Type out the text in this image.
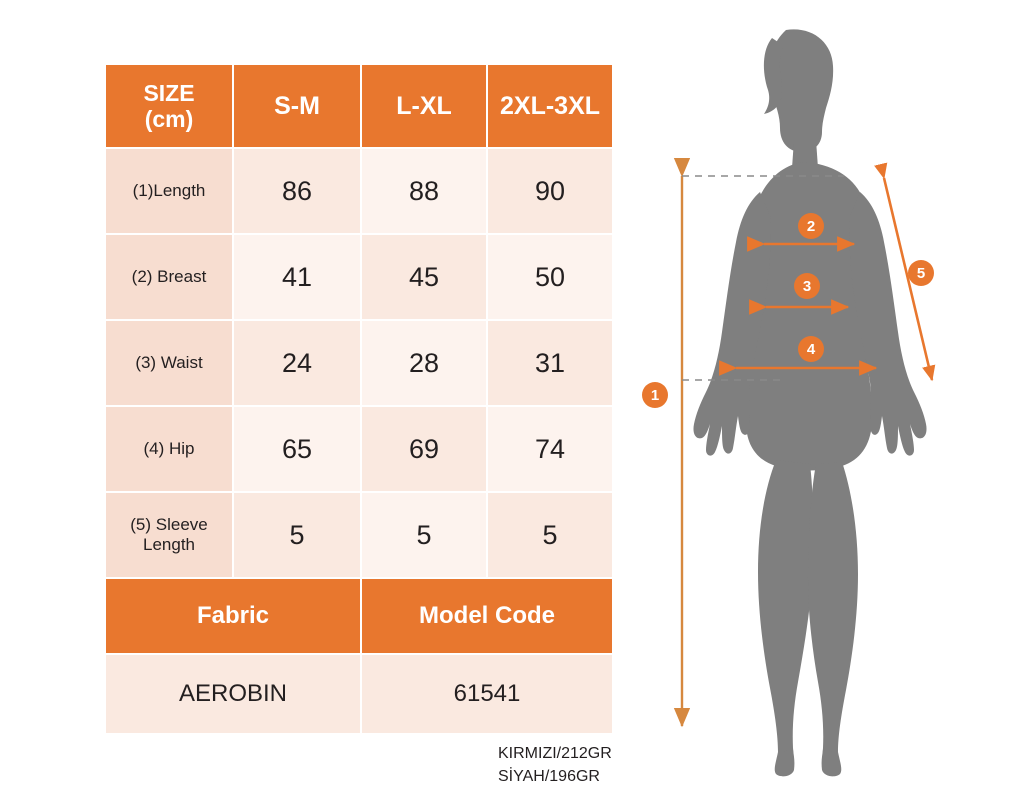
SIZE
(cm)	S-M	L-XL	2XL-3XL
(1)Length	86	88	90
(2) Breast	41	45	50
(3) Waist	24	28	31
(4) Hip	65	69	74

(5) Sleeve
Length	5	5	5
Fabric		Model Code	
AEROBIN		61541	
KIRMIZI/212GR
SİYAH/196GR
1
2
3
4
5
